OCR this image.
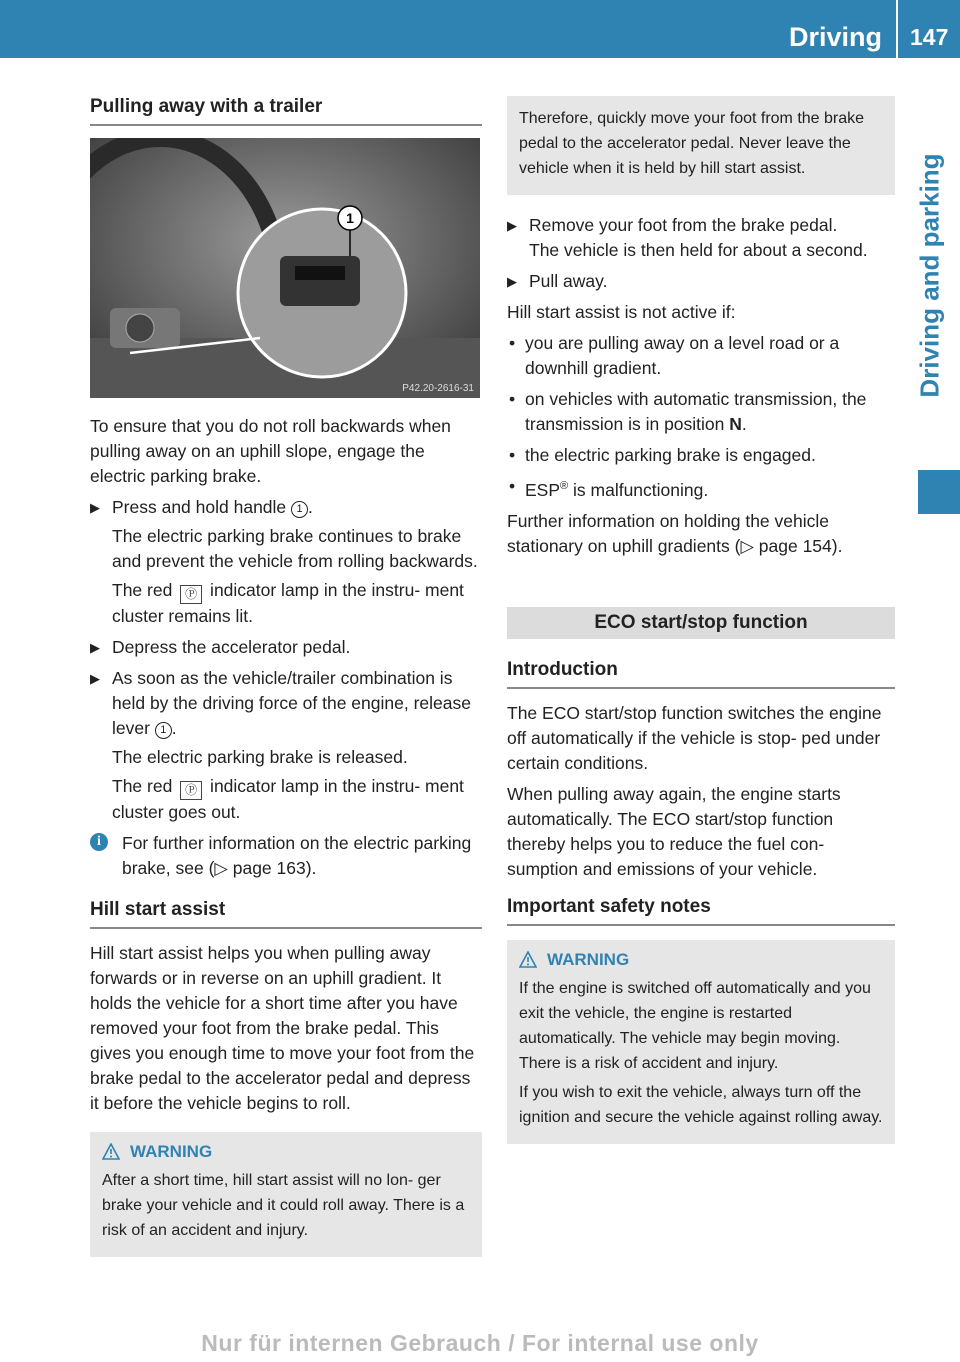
Driving 147
Driving and parking
Pulling away with a trailer
1
P42.20-2616-31

To ensure that you do not roll backwards when pulling away on an uphill slope, engage the electric parking brake.

▶ Press and hold handle 1 .
The electric parking brake continues to brake and prevent the vehicle from rolling backwards.
The red Ⓟ indicator lamp in the instru- ment cluster remains lit.
▶ Depress the accelerator pedal.
▶ As soon as the vehicle/trailer combination is held by the driving force of the engine, release lever 1 .
The electric parking brake is released.
The red Ⓟ indicator lamp in the instru- ment cluster goes out.
i	For further information on the electric parking brake, see (▷ page 163).
Hill start assist

Hill start assist helps you when pulling away forwards or in reverse on an uphill gradient. It holds the vehicle for a short time after you have removed your foot from the brake pedal. This gives you enough time to move your foot from the brake pedal to the accelerator pedal and depress it before the vehicle begins to roll.

WARNING

After a short time, hill start assist will no lon- ger brake your vehicle and it could roll away. There is a risk of an accident and injury.

Therefore, quickly move your foot from the brake pedal to the accelerator pedal. Never leave the vehicle when it is held by hill start assist.

▶ Remove your foot from the brake pedal.
The vehicle is then held for about a second.
▶ Pull away.

Hill start assist is not active if:

• you are pulling away on a level road or a downhill gradient.
• on vehicles with automatic transmission, the transmission is in position N.
• the electric parking brake is engaged.
• ESP® is malfunctioning.

Further information on holding the vehicle stationary on uphill gradients (▷ page 154).

ECO start/stop function
Introduction

The ECO start/stop function switches the engine off automatically if the vehicle is stop- ped under certain conditions.

When pulling away again, the engine starts automatically. The ECO start/stop function thereby helps you to reduce the fuel con- sumption and emissions of your vehicle.

Important safety notes
WARNING

If the engine is switched off automatically and you exit the vehicle, the engine is restarted automatically. The vehicle may begin moving. There is a risk of accident and injury.

If you wish to exit the vehicle, always turn off the ignition and secure the vehicle against rolling away.

Nur für internen Gebrauch / For internal use only
